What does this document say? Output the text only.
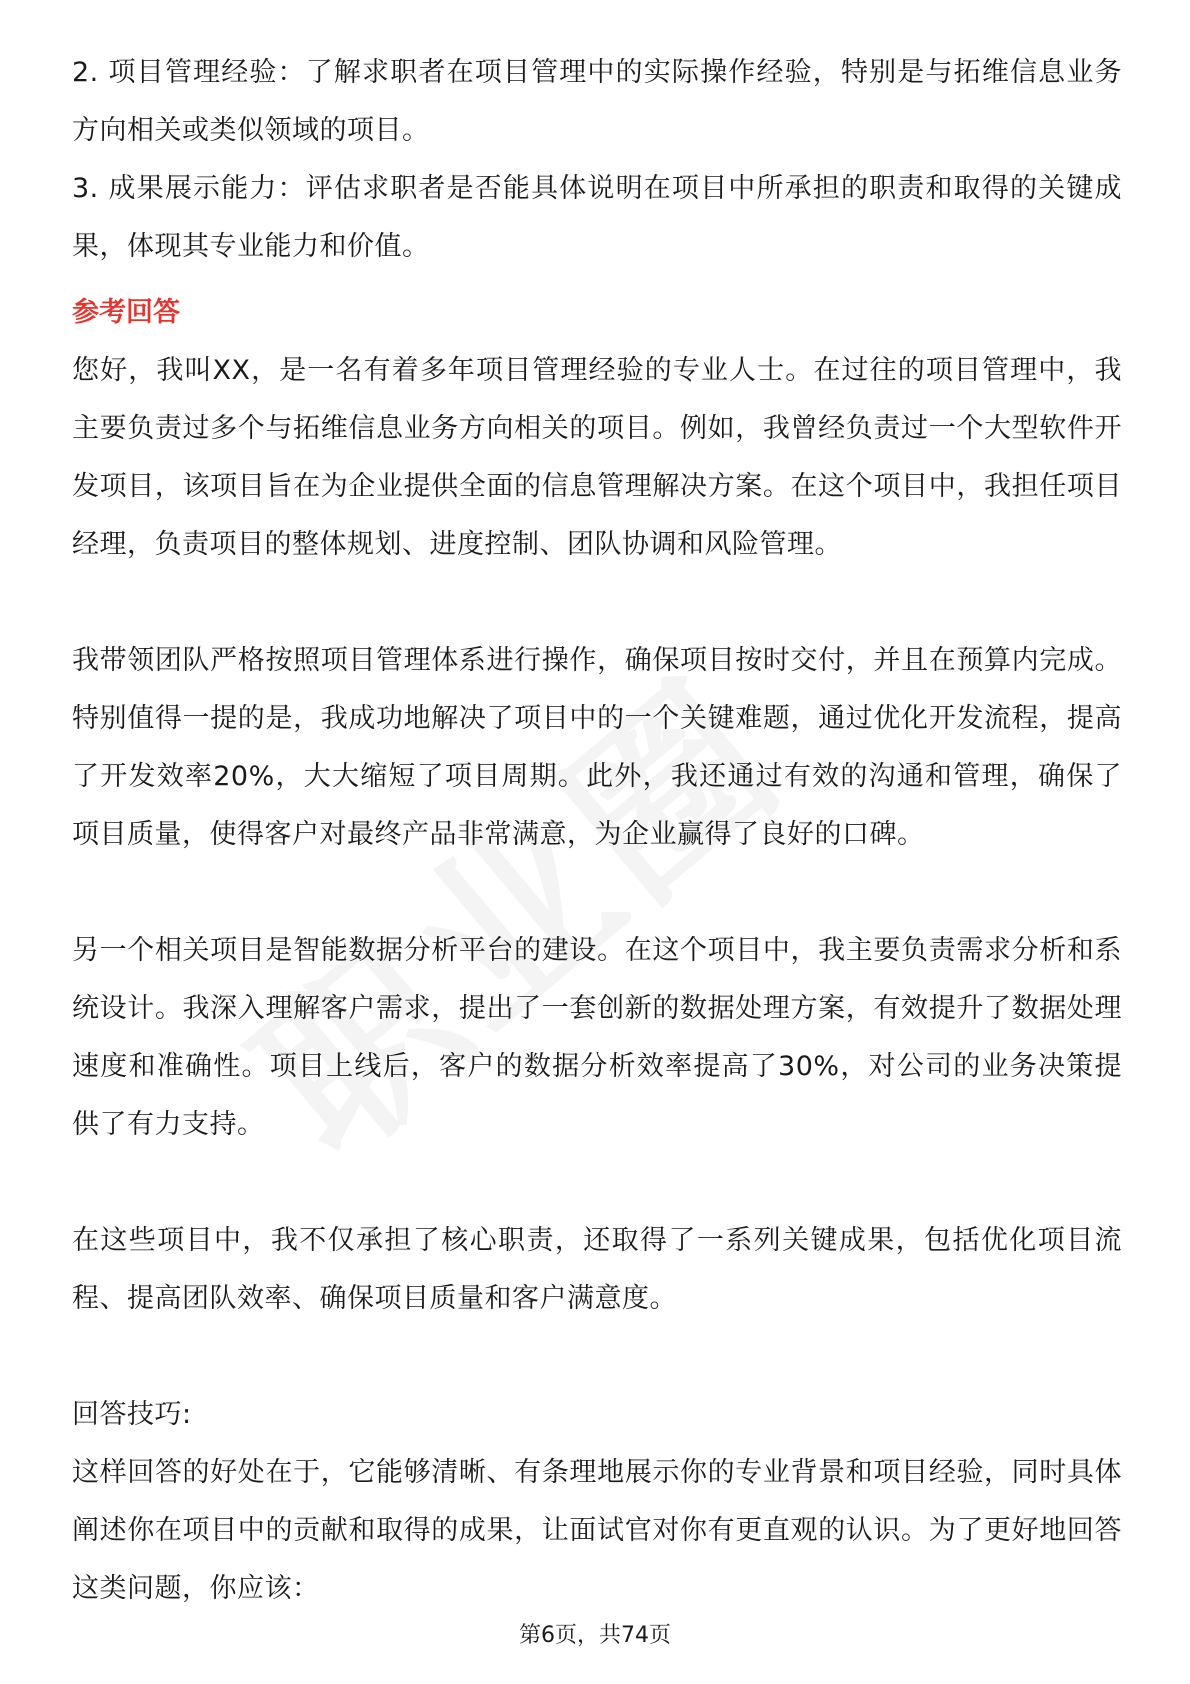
2. 项目管理经验：了解求职者在项目管理中的实际操作经验，特别是与拓维信息业务方向相关或类似领域的项目。

3. 成果展示能力：评估求职者是否能具体说明在项目中所承担的职责和取得的关键成果，体现其专业能力和价值。

参考回答

您好，我叫XX，是一名有着多年项目管理经验的专业人士。在过往的项目管理中，我主要负责过多个与拓维信息业务方向相关的项目。例如，我曾经负责过一个大型软件开发项目，该项目旨在为企业提供全面的信息管理解决方案。在这个项目中，我担任项目经理，负责项目的整体规划、进度控制、团队协调和风险管理。

我带领团队严格按照项目管理体系进行操作，确保项目按时交付，并且在预算内完成。特别值得一提的是，我成功地解决了项目中的一个关键难题，通过优化开发流程，提高了开发效率20%，大大缩短了项目周期。此外，我还通过有效的沟通和管理，确保了项目质量，使得客户对最终产品非常满意，为企业赢得了良好的口碑。

另一个相关项目是智能数据分析平台的建设。在这个项目中，我主要负责需求分析和系统设计。我深入理解客户需求，提出了一套创新的数据处理方案，有效提升了数据处理速度和准确性。项目上线后，客户的数据分析效率提高了30%，对公司的业务决策提供了有力支持。

在这些项目中，我不仅承担了核心职责，还取得了一系列关键成果，包括优化项目流程、提高团队效率、确保项目质量和客户满意度。

回答技巧:

这样回答的好处在于，它能够清晰、有条理地展示你的专业背景和项目经验，同时具体阐述你在项目中的贡献和取得的成果，让面试官对你有更直观的认识。为了更好地回答这类问题，你应该：

第6页，共74页
